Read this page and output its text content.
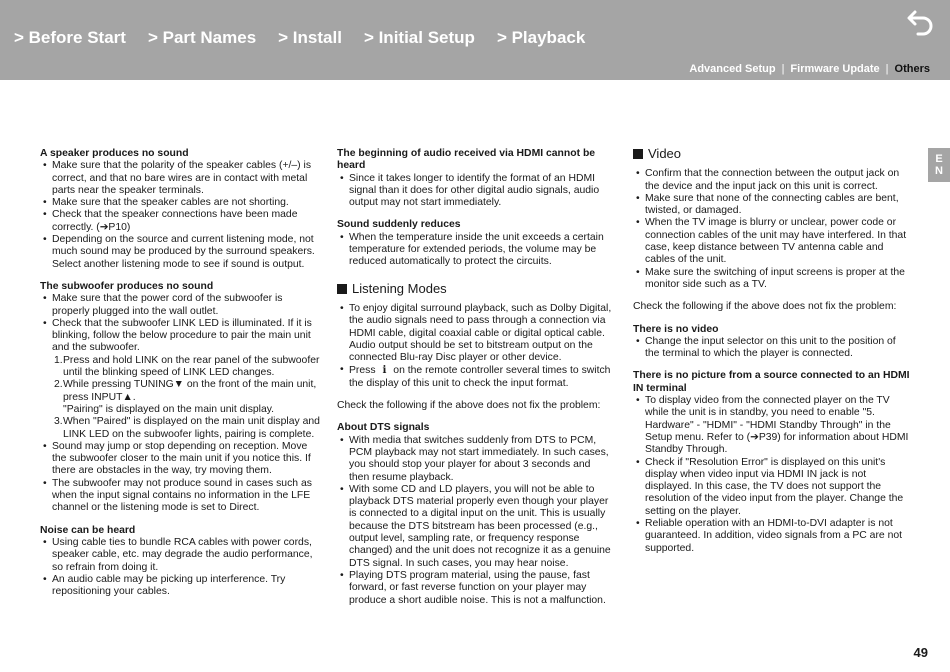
> Before Start > Part Names > Install > Initial Setup > Playback
Advanced Setup | Firmware Update | Others
E N
A speaker produces no sound
• Make sure that the polarity of the speaker cables (+/–) is correct, and that no bare wires are in contact with metal parts near the speaker terminals.
• Make sure that the speaker cables are not shorting.
• Check that the speaker connections have been made correctly. (➔P10)
• Depending on the source and current listening mode, not much sound may be produced by the surround speakers. Select another listening mode to see if sound is output.
The subwoofer produces no sound
• Make sure that the power cord of the subwoofer is properly plugged into the wall outlet.
• Check that the subwoofer LINK LED is illuminated. If it is blinking, follow the below procedure to pair the main unit and the subwoofer.
1. Press and hold LINK on the rear panel of the subwoofer until the blinking speed of LINK LED changes.
2. While pressing TUNING▼ on the front of the main unit, press INPUT▲.
"Pairing" is displayed on the main unit display.
3. When "Paired" is displayed on the main unit display and LINK LED on the subwoofer lights, pairing is complete.
• Sound may jump or stop depending on reception. Move the subwoofer closer to the main unit if you notice this. If there are obstacles in the way, try moving them.
• The subwoofer may not produce sound in cases such as when the input signal contains no information in the LFE channel or the listening mode is set to Direct.
Noise can be heard
• Using cable ties to bundle RCA cables with power cords, speaker cable, etc. may degrade the audio performance, so refrain from doing it.
• An audio cable may be picking up interference. Try repositioning your cables.
The beginning of audio received via HDMI cannot be heard
• Since it takes longer to identify the format of an HDMI signal than it does for other digital audio signals, audio output may not start immediately.
Sound suddenly reduces
• When the temperature inside the unit exceeds a certain temperature for extended periods, the volume may be reduced automatically to protect the circuits.
Listening Modes
• To enjoy digital surround playback, such as Dolby Digital, the audio signals need to pass through a connection via HDMI cable, digital coaxial cable or digital optical cable. Audio output should be set to bitstream output on the connected Blu-ray Disc player or other device.
• Press i on the remote controller several times to switch the display of this unit to check the input format.
Check the following if the above does not fix the problem:
About DTS signals
• With media that switches suddenly from DTS to PCM, PCM playback may not start immediately. In such cases, you should stop your player for about 3 seconds and then resume playback.
• With some CD and LD players, you will not be able to playback DTS material properly even though your player is connected to a digital input on the unit. This is usually because the DTS bitstream has been processed (e.g., output level, sampling rate, or frequency response changed) and the unit does not recognize it as a genuine DTS signal. In such cases, you may hear noise.
• Playing DTS program material, using the pause, fast forward, or fast reverse function on your player may produce a short audible noise. This is not a malfunction.
Video
• Confirm that the connection between the output jack on the device and the input jack on this unit is correct.
• Make sure that none of the connecting cables are bent, twisted, or damaged.
• When the TV image is blurry or unclear, power code or connection cables of the unit may have interfered. In that case, keep distance between TV antenna cable and cables of the unit.
• Make sure the switching of input screens is proper at the monitor side such as a TV.
Check the following if the above does not fix the problem:
There is no video
• Change the input selector on this unit to the position of the terminal to which the player is connected.
There is no picture from a source connected to an HDMI IN terminal
• To display video from the connected player on the TV while the unit is in standby, you need to enable "5. Hardware" - "HDMI" - "HDMI Standby Through" in the Setup menu. Refer to (➔P39) for information about HDMI Standby Through.
• Check if "Resolution Error" is displayed on this unit's display when video input via HDMI IN jack is not displayed. In this case, the TV does not support the resolution of the video input from the player. Change the setting on the player.
• Reliable operation with an HDMI-to-DVI adapter is not guaranteed. In addition, video signals from a PC are not supported.
49
